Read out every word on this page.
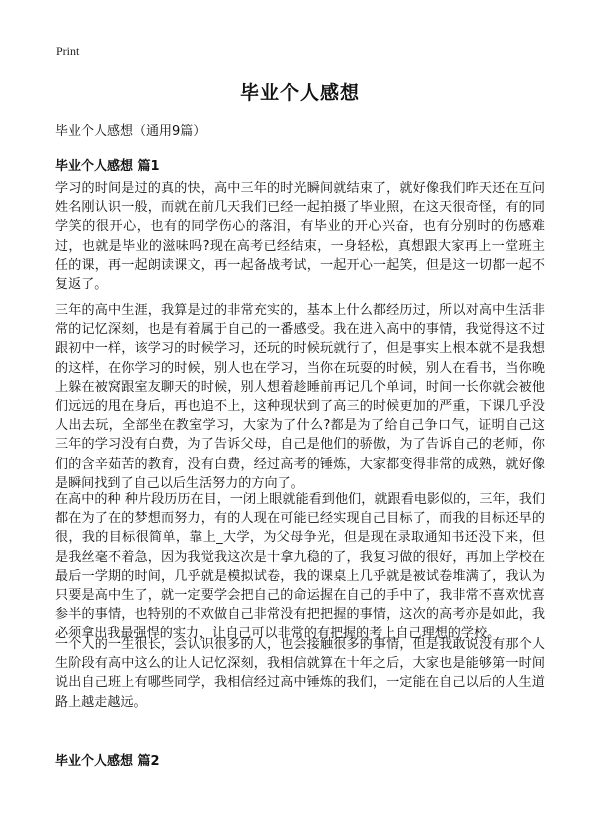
Print
毕业个人感想

毕业个人感想（通用9篇）

毕业个人感想 篇1

学习的时间是过的真的快，高中三年的时光瞬间就结束了，就好像我们昨天还在互问姓名刚认识一般，而就在前几天我们已经一起拍摄了毕业照，在这天很奇怪，有的同学笑的很开心，也有的同学伤心的落泪，有毕业的开心兴奋，也有分别时的伤感难过，也就是毕业的滋味吗?现在高考已经结束，一身轻松，真想跟大家再上一堂班主任的课，再一起朗读课文，再一起备战考试，一起开心一起笑，但是这一切都一起不复返了。

三年的高中生涯，我算是过的非常充实的，基本上什么都经历过，所以对高中生活非常的记忆深刻，也是有着属于自己的一番感受。我在进入高中的事情，我觉得这不过跟初中一样，该学习的时候学习，还玩的时候玩就行了，但是事实上根本就不是我想的这样，在你学习的时候，别人也在学习，当你在玩耍的时候，别人在看书，当你晚上躲在被窝跟室友聊天的时候，别人想着趁睡前再记几个单词，时间一长你就会被他们远远的甩在身后，再也追不上，这种现状到了高三的时候更加的严重，下课几乎没人出去玩，全部坐在教室学习，大家为了什么?都是为了给自己争口气，证明自己这三年的学习没有白费，为了告诉父母，自己是他们的骄傲，为了告诉自己的老师，你们的含辛茹苦的教育，没有白费，经过高考的锤炼，大家都变得非常的成熟，就好像是瞬间找到了自己以后生活努力的方向了。

在高中的种 种片段历历在目，一闭上眼就能看到他们，就跟看电影似的，三年，我们都在为了在的梦想而努力，有的人现在可能已经实现自己目标了，而我的目标还早的很，我的目标很简单，靠上_大学，为父母争光，但是现在录取通知书还没下来，但是我丝毫不着急，因为我觉我这次是十拿九稳的了，我复习做的很好，再加上学校在最后一学期的时间，几乎就是模拟试卷，我的课桌上几乎就是被试卷堆满了，我认为只要是高中生了，就一定要学会把自己的命运握在自己的手中了，我非常不喜欢忧喜参半的事情，也特别的不欢做自己非常没有把把握的事情，这次的高考亦是如此，我必须拿出我最强悍的实力，让自己可以非常的有把握的考上自己理想的学校。

一个人的一生很长，会认识很多的人，也会接触很多的事情，但是我敢说没有那个人生阶段有高中这么的让人记忆深刻，我相信就算在十年之后，大家也是能够第一时间说出自己班上有哪些同学，我相信经过高中锤炼的我们，一定能在自己以后的人生道路上越走越远。

毕业个人感想 篇2
